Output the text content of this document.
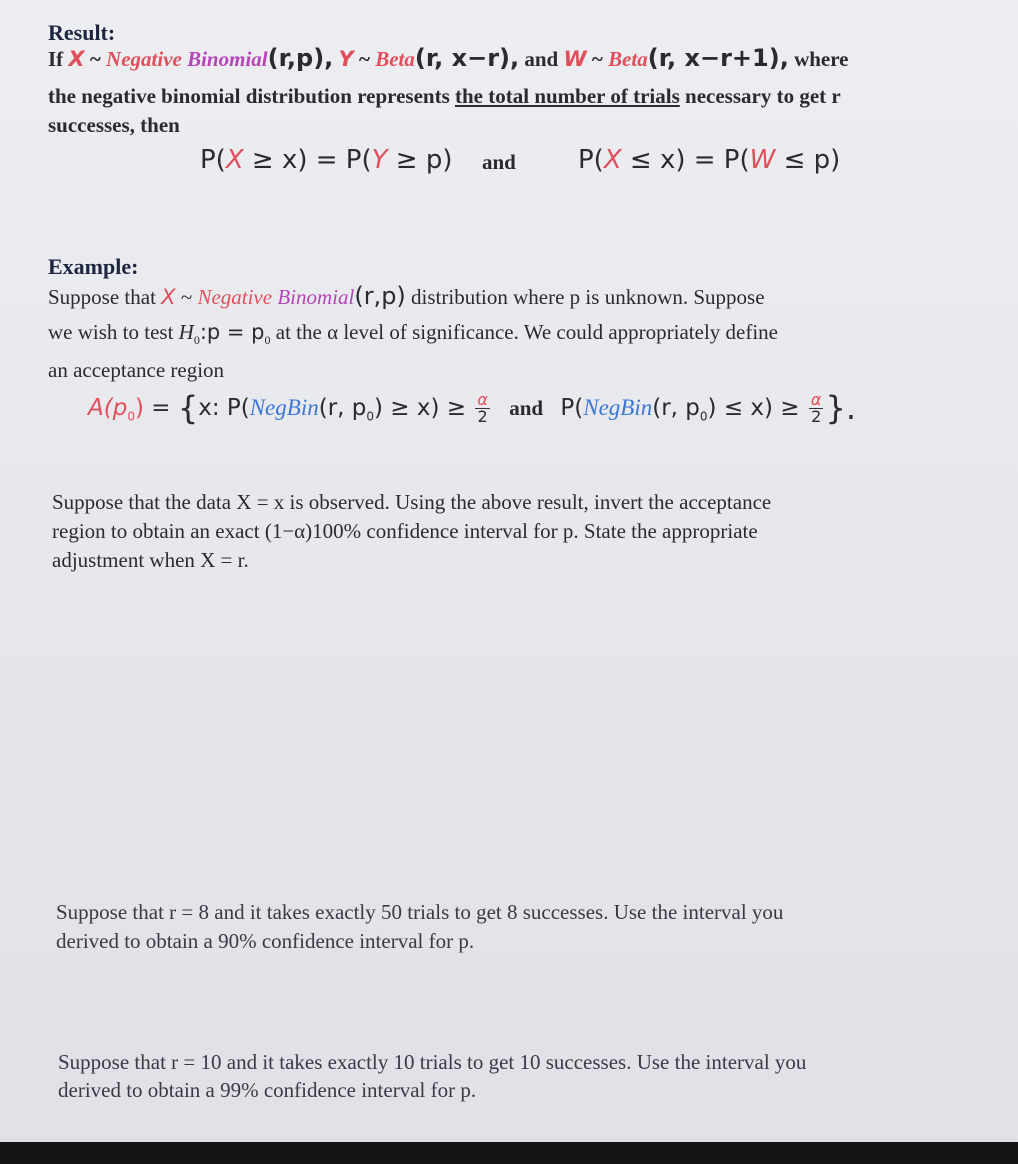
Result:
If X ~ Negative Binomial(r,p), Y ~ Beta(r, x−r), and W ~ Beta(r, x−r+1), where
the negative binomial distribution represents the total number of trials necessary to get r
successes, then
P(X ≥ x) = P(Y ≥ p) and P(X ≤ x) = P(W ≤ p)
Example:
Suppose that X ~ Negative Binomial(r,p) distribution where p is unknown. Suppose
we wish to test $H_0:p = p_0$ at the α level of significance. We could appropriately define
an acceptance region
$A(p_0) = \{x$: P(NegBin(r, $p_0) \ge x) \ge \frac{\alpha}{2}$ and P(NegBin(r, $p_0) \le x) \ge \frac{\alpha}{2}$ }.
Suppose that the data X = x is observed. Using the above result, invert the acceptance
region to obtain an exact (1−α)100% confidence interval for p. State the appropriate
adjustment when X = r.
Suppose that r = 8 and it takes exactly 50 trials to get 8 successes. Use the interval you
derived to obtain a 90% confidence interval for p.
Suppose that r = 10 and it takes exactly 10 trials to get 10 successes. Use the interval you
derived to obtain a 99% confidence interval for p.
